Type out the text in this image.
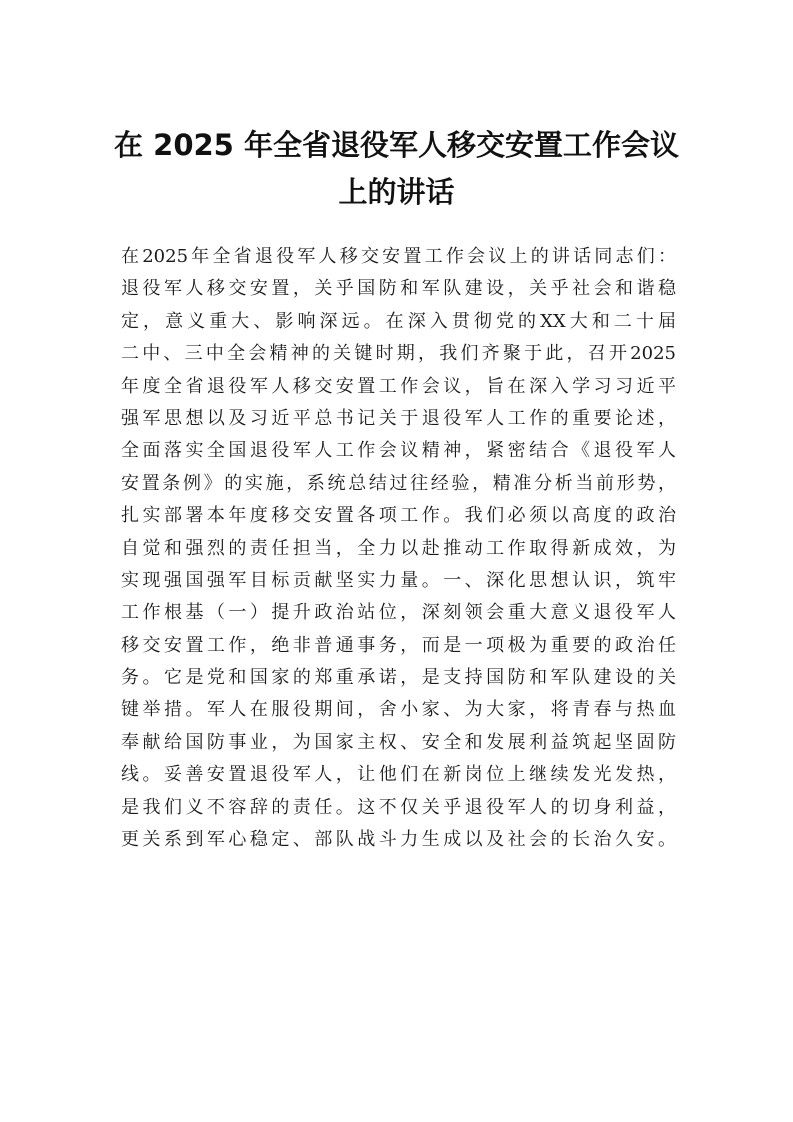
在 2025 年全省退役军人移交安置工作会议
上的讲话
在2025年全省退役军人移交安置工作会议上的讲话同志们：
退役军人移交安置，关乎国防和军队建设，关乎社会和谐稳
定，意义重大、影响深远。在深入贯彻党的XX大和二十届
二中、三中全会精神的关键时期，我们齐聚于此，召开2025
年度全省退役军人移交安置工作会议，旨在深入学习习近平
强军思想以及习近平总书记关于退役军人工作的重要论述，
全面落实全国退役军人工作会议精神，紧密结合《退役军人
安置条例》的实施，系统总结过往经验，精准分析当前形势，
扎实部署本年度移交安置各项工作。我们必须以高度的政治
自觉和强烈的责任担当，全力以赴推动工作取得新成效，为
实现强国强军目标贡献坚实力量。一、深化思想认识，筑牢
工作根基（一）提升政治站位，深刻领会重大意义退役军人
移交安置工作，绝非普通事务，而是一项极为重要的政治任
务。它是党和国家的郑重承诺，是支持国防和军队建设的关
键举措。军人在服役期间，舍小家、为大家，将青春与热血
奉献给国防事业，为国家主权、安全和发展利益筑起坚固防
线。妥善安置退役军人，让他们在新岗位上继续发光发热，
是我们义不容辞的责任。这不仅关乎退役军人的切身利益，
更关系到军心稳定、部队战斗力生成以及社会的长治久安。
